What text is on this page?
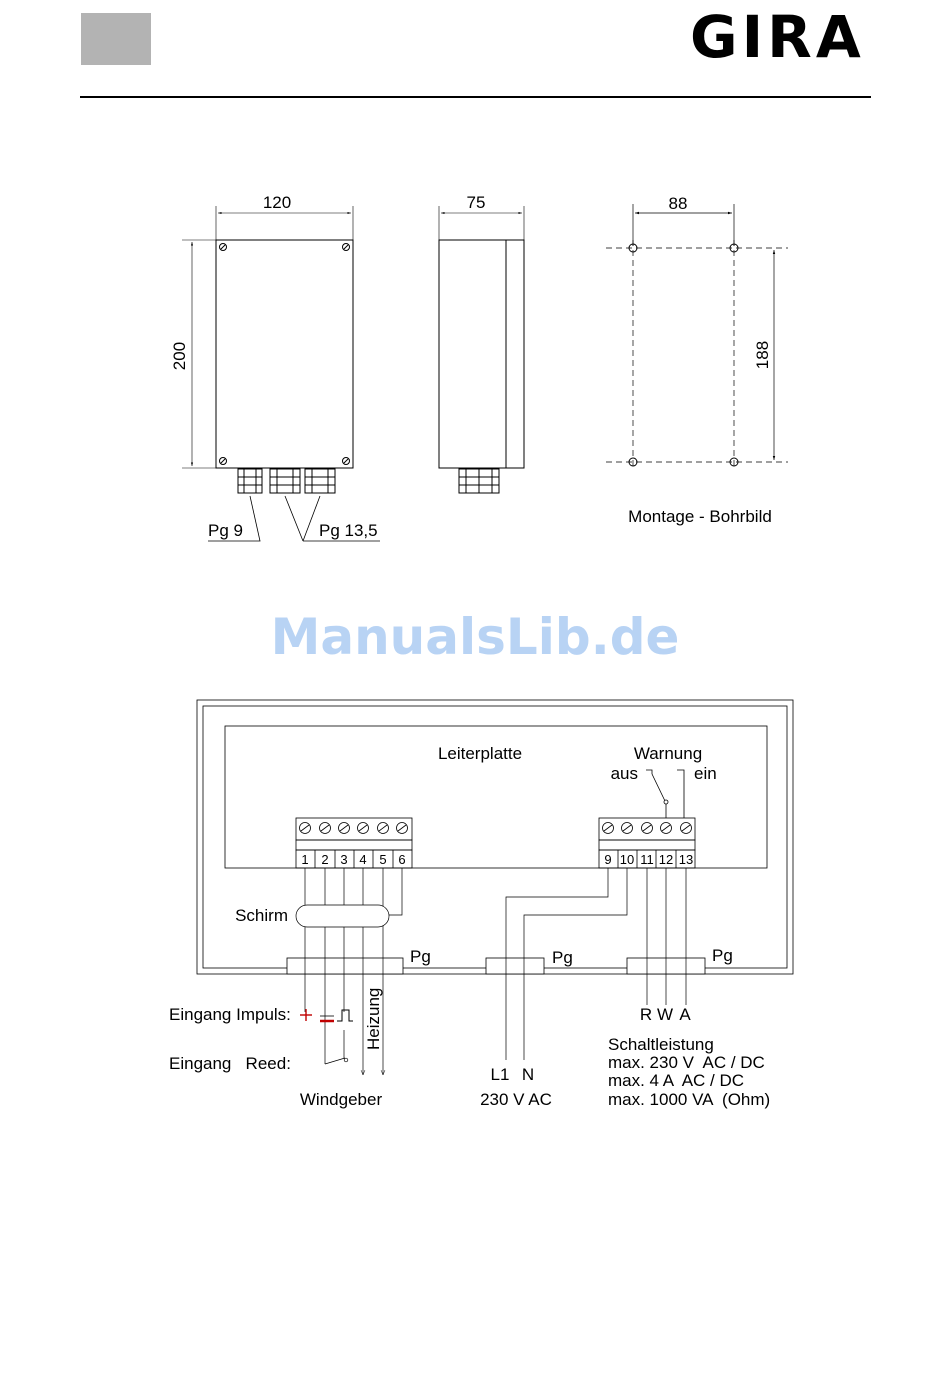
GIRA
120
200
Pg 9	Pg 13,5
75	88
188
Montage - Bohrbild
Leiterplatte	Warnung
aus	ein
1 2 3 4 5 6	9 10 11 12 13
Schirm
Pg	Pg	Pg
Eingang Impuls:
Eingang   Reed:
Heizung
Windgeber
L1 N
230 V AC
R W A
Schaltleistung
max. 230 V  AC / DC
max. 4 A  AC / DC
max. 1000 VA  (Ohm)
ManualsLib.de
